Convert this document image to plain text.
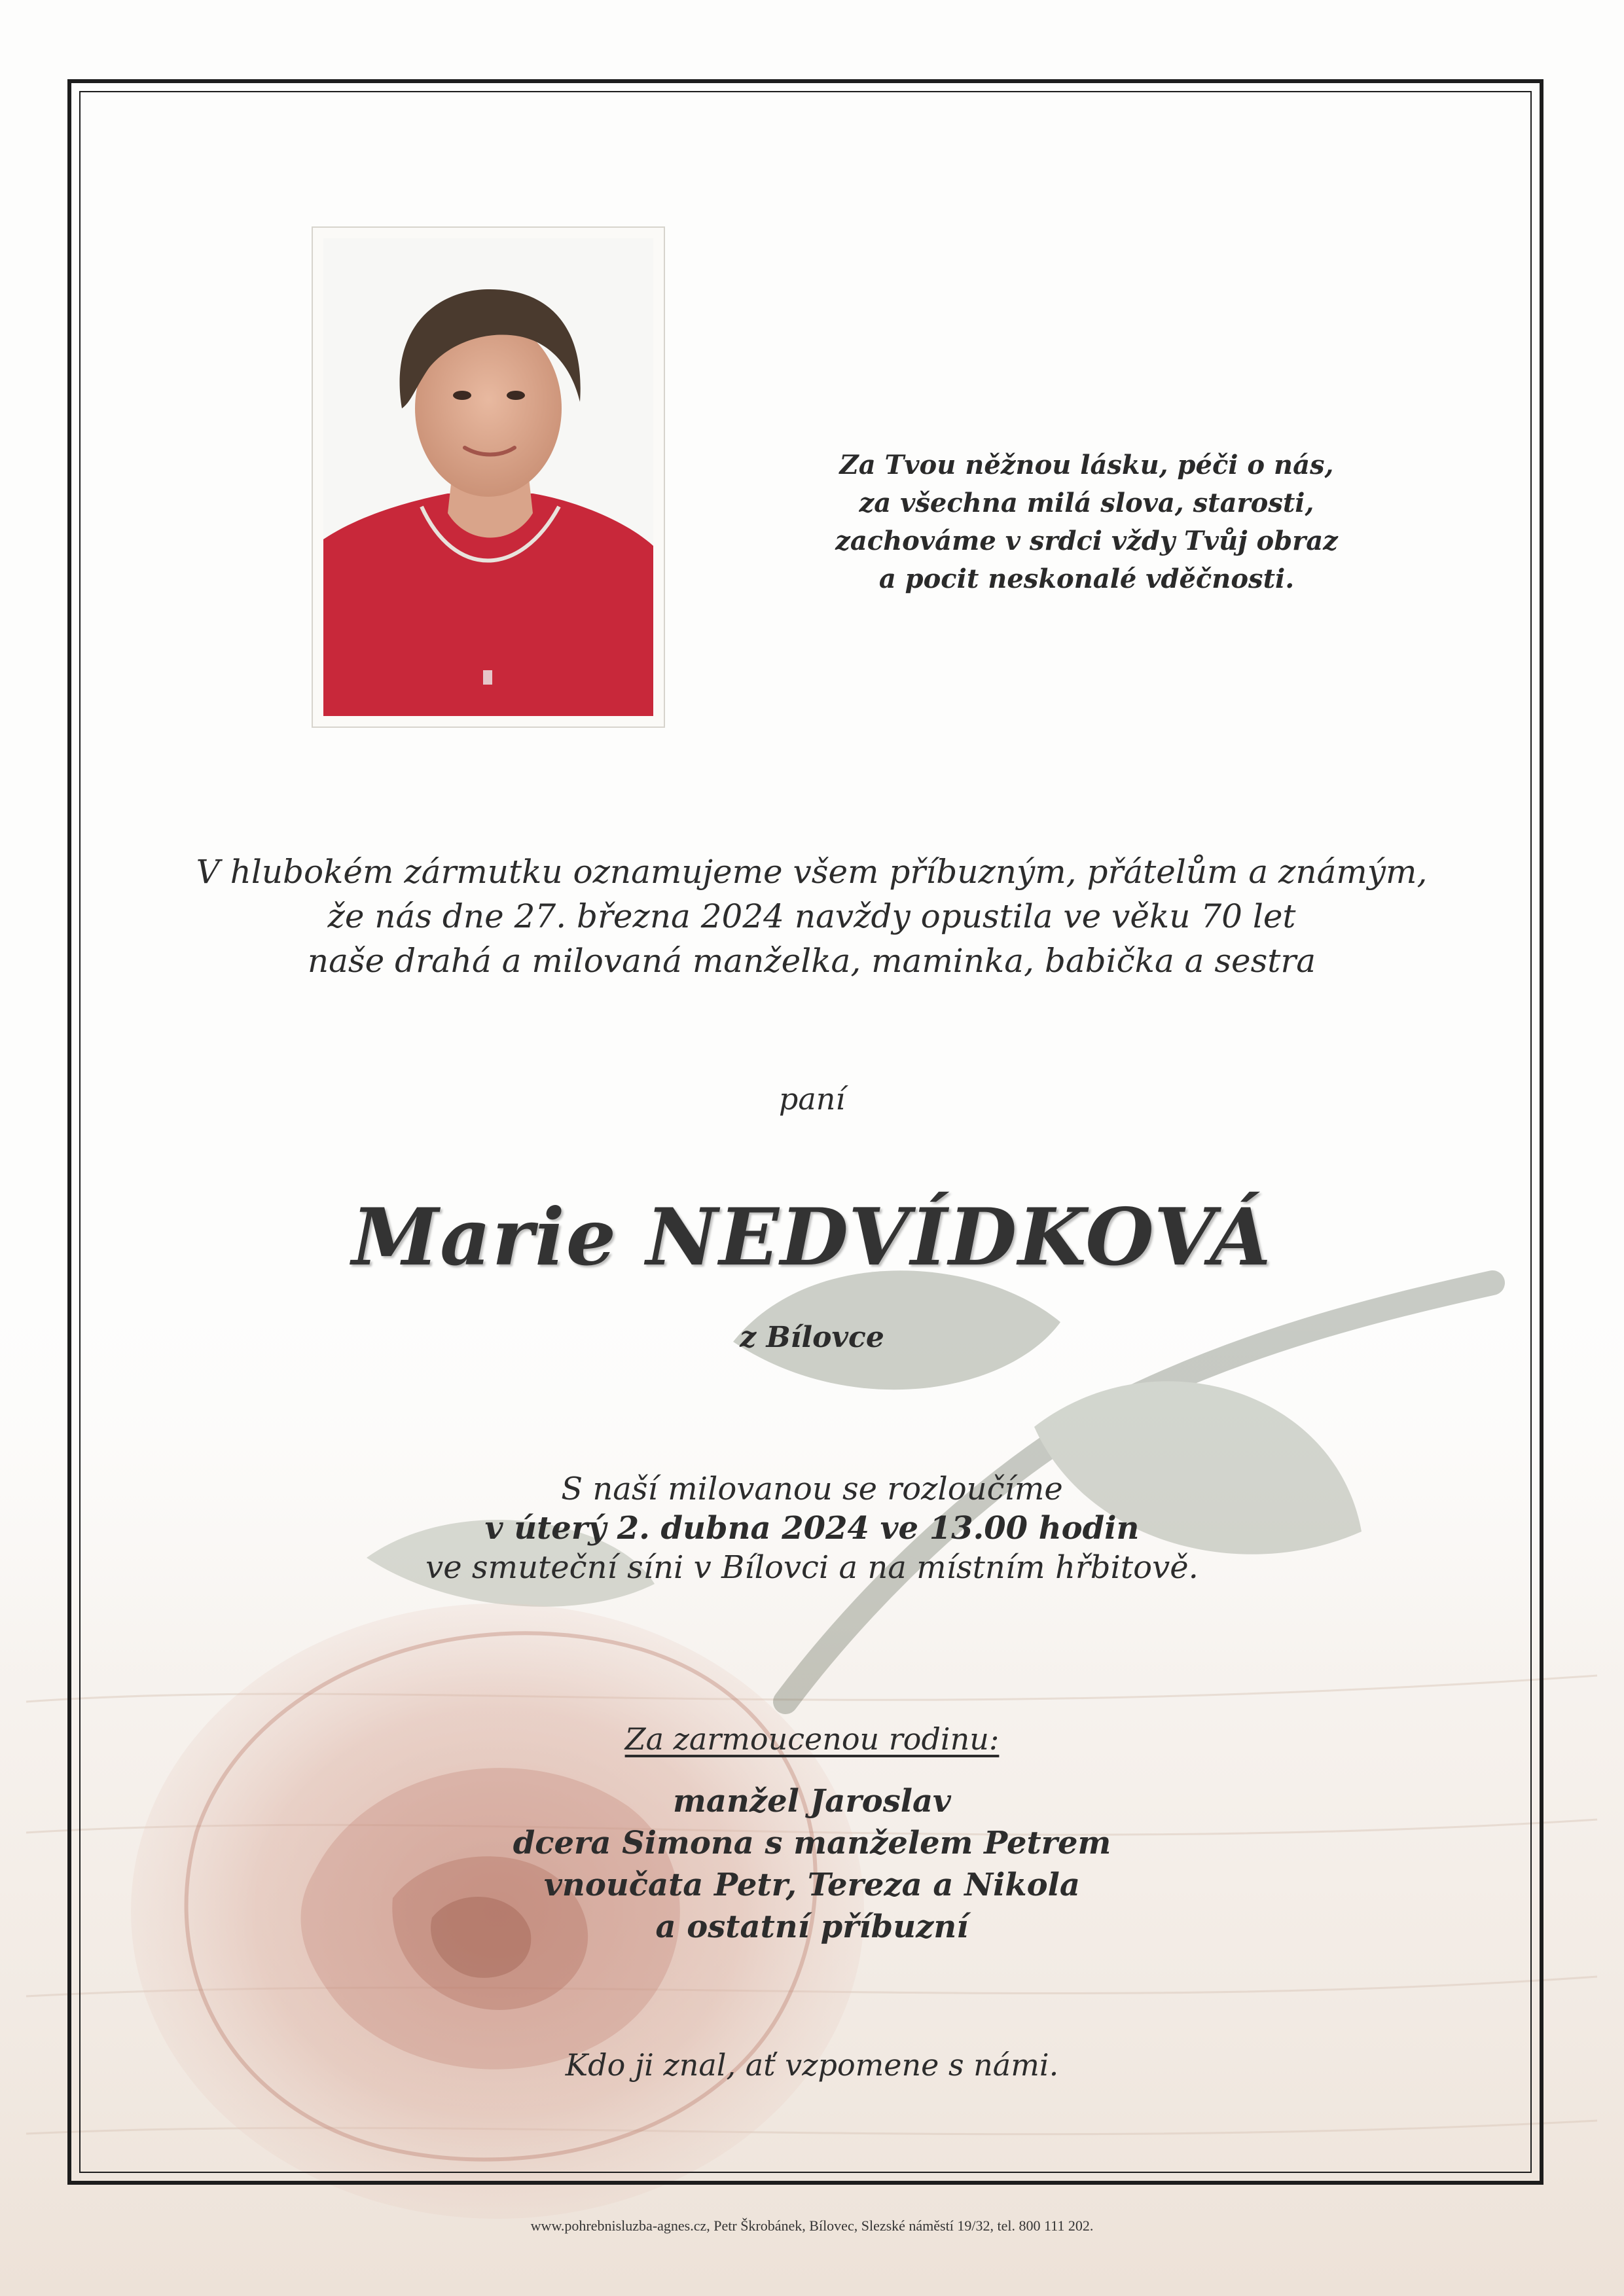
Za Tvou něžnou lásku, péči o nás,
za všechna milá slova, starosti,
zachováme v srdci vždy Tvůj obraz
a pocit neskonalé vděčnosti.
V hlubokém zármutku oznamujeme všem příbuzným, přátelům a známým,
že nás dne 27. března 2024 navždy opustila ve věku 70 let
naše drahá a milovaná manželka, maminka, babička a sestra
paní
Marie NEDVÍDKOVÁ
z Bílovce
S naší milovanou se rozloučíme
v úterý 2. dubna 2024 ve 13.00 hodin
ve smuteční síni v Bílovci a na místním hřbitově.
Za zarmoucenou rodinu:
manžel Jaroslav
dcera Simona s manželem Petrem
vnoučata Petr, Tereza a Nikola
a ostatní příbuzní
Kdo ji znal, ať vzpomene s námi.
www.pohrebnisluzba-agnes.cz, Petr Škrobánek, Bílovec, Slezské náměstí 19/32, tel. 800 111 202.
